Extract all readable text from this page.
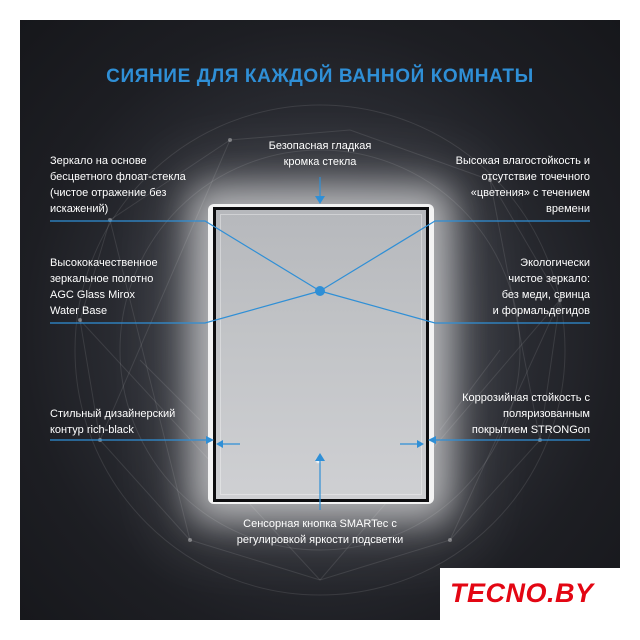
СИЯНИЕ ДЛЯ КАЖДОЙ ВАННОЙ КОМНАТЫ
Зеркало на основе
бесцветного флоат-стекла
(чистое отражение без
искажений)
Безопасная гладкая
кромка стекла	Высокая влагостойкость и
отсутствие точечного
«цветения» с течением
времени
Высококачественное
зеркальное полотно
AGC Glass Mirox
Water Base
Экологически
чистое зеркало:
без меди, свинца
и формальдегидов
Стильный дизайнерский
контур rich-black
Коррозийная стойкость с
поляризованным
покрытием STRONGon
Сенсорная кнопка SMARTec с
регулировкой яркости подсветки
TECNO.BY
